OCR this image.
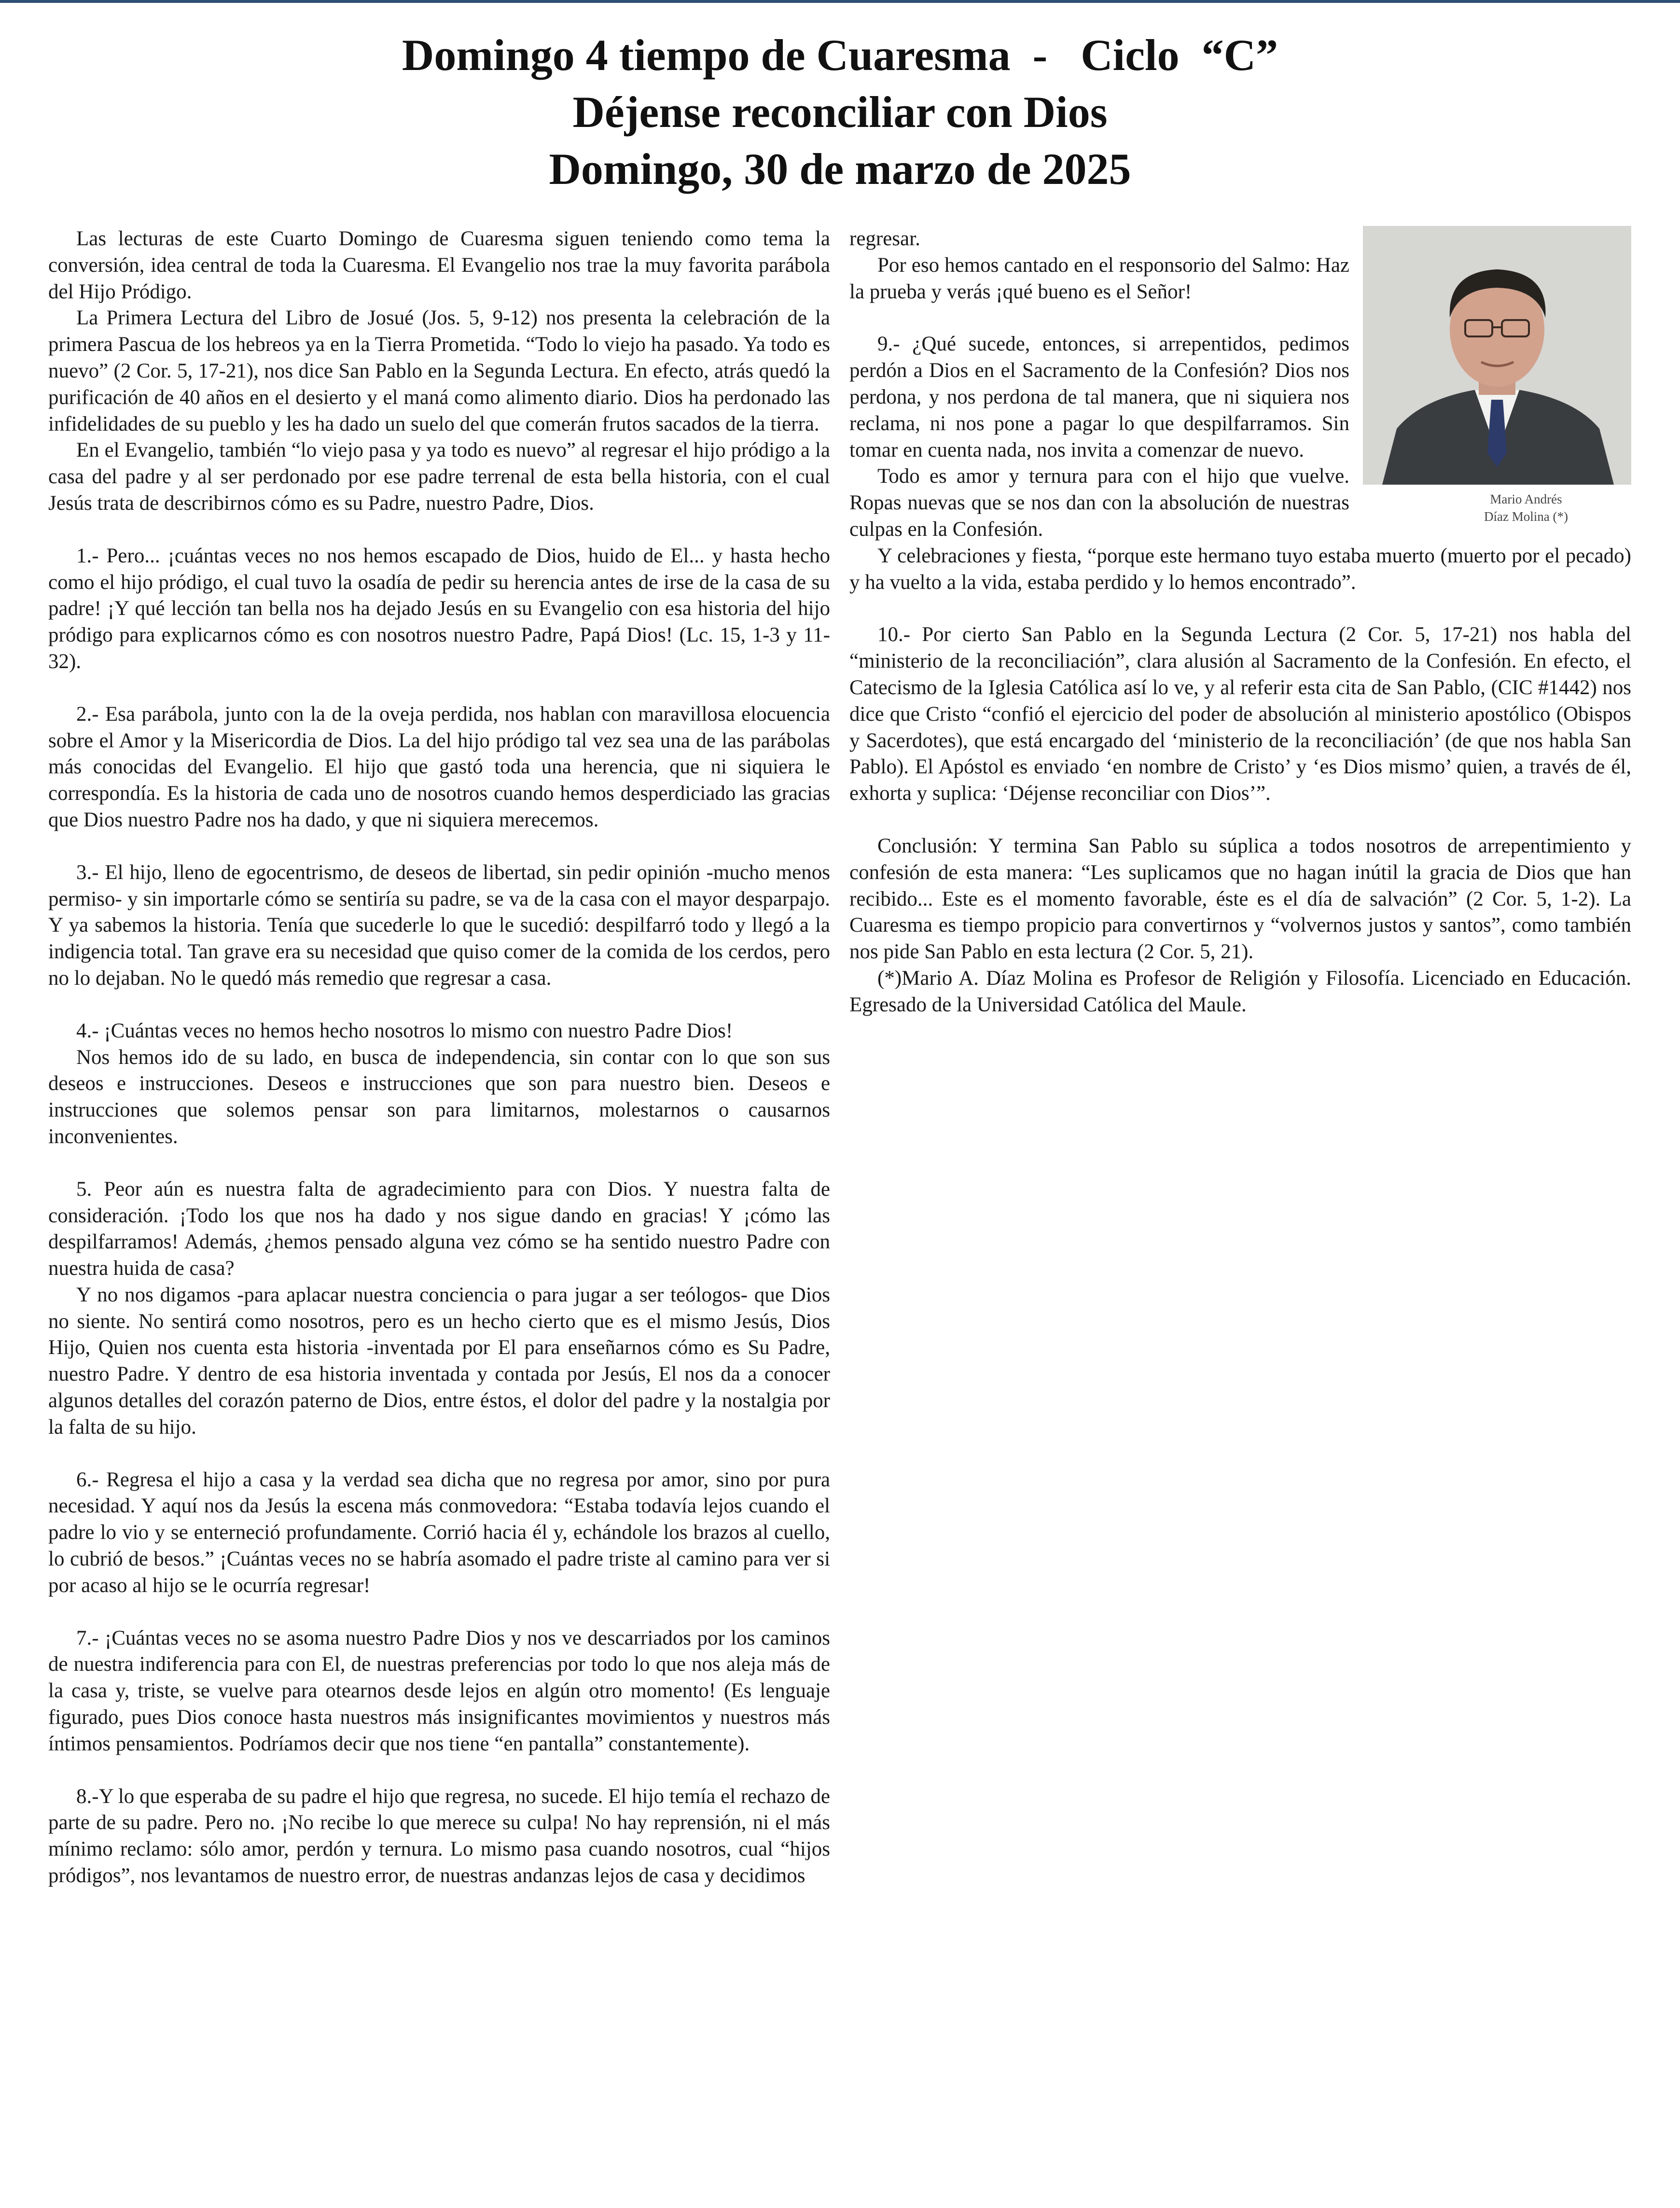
Domingo 4 tiempo de Cuaresma  -   Ciclo  “C”
Déjense reconciliar con Dios
Domingo, 30 de marzo de 2025

Las lecturas de este Cuarto Domingo de Cuaresma siguen teniendo como tema la conversión, idea central de toda la Cuaresma. El Evangelio nos trae la muy favorita parábola del Hijo Pródigo.

La Primera Lectura del Libro de Josué (Jos. 5, 9-12) nos presenta la celebración de la primera Pascua de los hebreos ya en la Tierra Prometida. “Todo lo viejo ha pasado. Ya todo es nuevo” (2 Cor. 5, 17-21), nos dice San Pablo en la Segunda Lectura. En efecto, atrás quedó la purificación de 40 años en el desierto y el maná como alimento diario. Dios ha perdonado las infidelidades de su pueblo y les ha dado un suelo del que comerán frutos sacados de la tierra.

En el Evangelio, también “lo viejo pasa y ya todo es nuevo” al regresar el hijo pródigo a la casa del padre y al ser perdonado por ese padre terrenal de esta bella historia, con el cual Jesús trata de describirnos cómo es su Padre, nuestro Padre, Dios.

1.- Pero... ¡cuántas veces no nos hemos escapado de Dios, huido de El... y hasta hecho como el hijo pródigo, el cual tuvo la osadía de pedir su herencia antes de irse de la casa de su padre! ¡Y qué lección tan bella nos ha dejado Jesús en su Evangelio con esa historia del hijo pródigo para explicarnos cómo es con nosotros nuestro Padre, Papá Dios! (Lc. 15, 1-3 y 11-32).

2.- Esa parábola, junto con la de la oveja perdida, nos hablan con maravillosa elocuencia sobre el Amor y la Misericordia de Dios. La del hijo pródigo tal vez sea una de las parábolas más conocidas del Evangelio. El hijo que gastó toda una herencia, que ni siquiera le correspondía. Es la historia de cada uno de nosotros cuando hemos desperdiciado las gracias que Dios nuestro Padre nos ha dado, y que ni siquiera merecemos.

3.- El hijo, lleno de egocentrismo, de deseos de libertad, sin pedir opinión -mucho menos permiso- y sin importarle cómo se sentiría su padre, se va de la casa con el mayor desparpajo. Y ya sabemos la historia. Tenía que sucederle lo que le sucedió: despilfarró todo y llegó a la indigencia total. Tan grave era su necesidad que quiso comer de la comida de los cerdos, pero no lo dejaban. No le quedó más remedio que regresar a casa.

4.- ¡Cuántas veces no hemos hecho nosotros lo mismo con nuestro Padre Dios!

Nos hemos ido de su lado, en busca de independencia, sin contar con lo que son sus deseos e instrucciones. Deseos e instrucciones que son para nuestro bien. Deseos e instrucciones que solemos pensar son para limitarnos, molestarnos o causarnos inconvenientes.

5. Peor aún es nuestra falta de agradecimiento para con Dios. Y nuestra falta de consideración. ¡Todo los que nos ha dado y nos sigue dando en gracias! Y ¡cómo las despilfarramos! Además, ¿hemos pensado alguna vez cómo se ha sentido nuestro Padre con nuestra huida de casa?

Y no nos digamos -para aplacar nuestra conciencia o para jugar a ser teólogos- que Dios no siente. No sentirá como nosotros, pero es un hecho cierto que es el mismo Jesús, Dios Hijo, Quien nos cuenta esta historia -inventada por El para enseñarnos cómo es Su Padre, nuestro Padre. Y dentro de esa historia inventada y contada por Jesús, El nos da a conocer algunos detalles del corazón paterno de Dios, entre éstos, el dolor del padre y la nostalgia por la falta de su hijo.

6.- Regresa el hijo a casa y la verdad sea dicha que no regresa por amor, sino por pura necesidad. Y aquí nos da Jesús la escena más conmovedora: “Estaba todavía lejos cuando el padre lo vio y se enterneció profundamente. Corrió hacia él y, echándole los brazos al cuello, lo cubrió de besos.” ¡Cuántas veces no se habría asomado el padre triste al camino para ver si por acaso al hijo se le ocurría regresar!

7.- ¡Cuántas veces no se asoma nuestro Padre Dios y nos ve descarriados por los caminos de nuestra indiferencia para con El, de nuestras preferencias por todo lo que nos aleja más de la casa y, triste, se vuelve para otearnos desde lejos en algún otro momento! (Es lenguaje figurado, pues Dios conoce hasta nuestros más insignificantes movimientos y nuestros más íntimos pensamientos. Podríamos decir que nos tiene “en pantalla” constantemente).

8.-Y lo que esperaba de su padre el hijo que regresa, no sucede. El hijo temía el rechazo de parte de su padre. Pero no. ¡No recibe lo que merece su culpa! No hay reprensión, ni el más mínimo reclamo: sólo amor, perdón y ternura. Lo mismo pasa cuando nosotros, cual “hijos pródigos”, nos levantamos de nuestro error, de nuestras andanzas lejos de casa y decidimos

Mario Andrés
Díaz Molina (*)

regresar.

Por eso hemos cantado en el responsorio del Salmo: Haz la prueba y verás ¡qué bueno es el Señor!

9.- ¿Qué sucede, entonces, si arrepentidos, pedimos perdón a Dios en el Sacramento de la Confesión? Dios nos perdona, y nos perdona de tal manera, que ni siquiera nos reclama, ni nos pone a pagar lo que despilfarramos. Sin tomar en cuenta nada, nos invita a comenzar de nuevo.

Todo es amor y ternura para con el hijo que vuelve. Ropas nuevas que se nos dan con la absolución de nuestras culpas en la Confesión.

Y celebraciones y fiesta, “porque este hermano tuyo estaba muerto (muerto por el pecado) y ha vuelto a la vida, estaba perdido y lo hemos encontrado”.

10.- Por cierto San Pablo en la Segunda Lectura (2 Cor. 5, 17-21) nos habla del “ministerio de la reconciliación”, clara alusión al Sacramento de la Confesión. En efecto, el Catecismo de la Iglesia Católica así lo ve, y al referir esta cita de San Pablo, (CIC #1442) nos dice que Cristo “confió el ejercicio del poder de absolución al ministerio apostólico (Obispos y Sacerdotes), que está encargado del ‘ministerio de la reconciliación’ (de que nos habla San Pablo). El Apóstol es enviado ‘en nombre de Cristo’ y ‘es Dios mismo’ quien, a través de él, exhorta y suplica: ‘Déjense reconciliar con Dios’”.

Conclusión: Y termina San Pablo su súplica a todos nosotros de arrepentimiento y confesión de esta manera: “Les suplicamos que no hagan inútil la gracia de Dios que han recibido... Este es el momento favorable, éste es el día de salvación” (2 Cor. 5, 1-2). La Cuaresma es tiempo propicio para convertirnos y “volvernos justos y santos”, como también nos pide San Pablo en esta lectura (2 Cor. 5, 21).

(*)Mario A. Díaz Molina es Profesor de Religión y Filosofía. Licenciado en Educación. Egresado de la Universidad Católica del Maule.
